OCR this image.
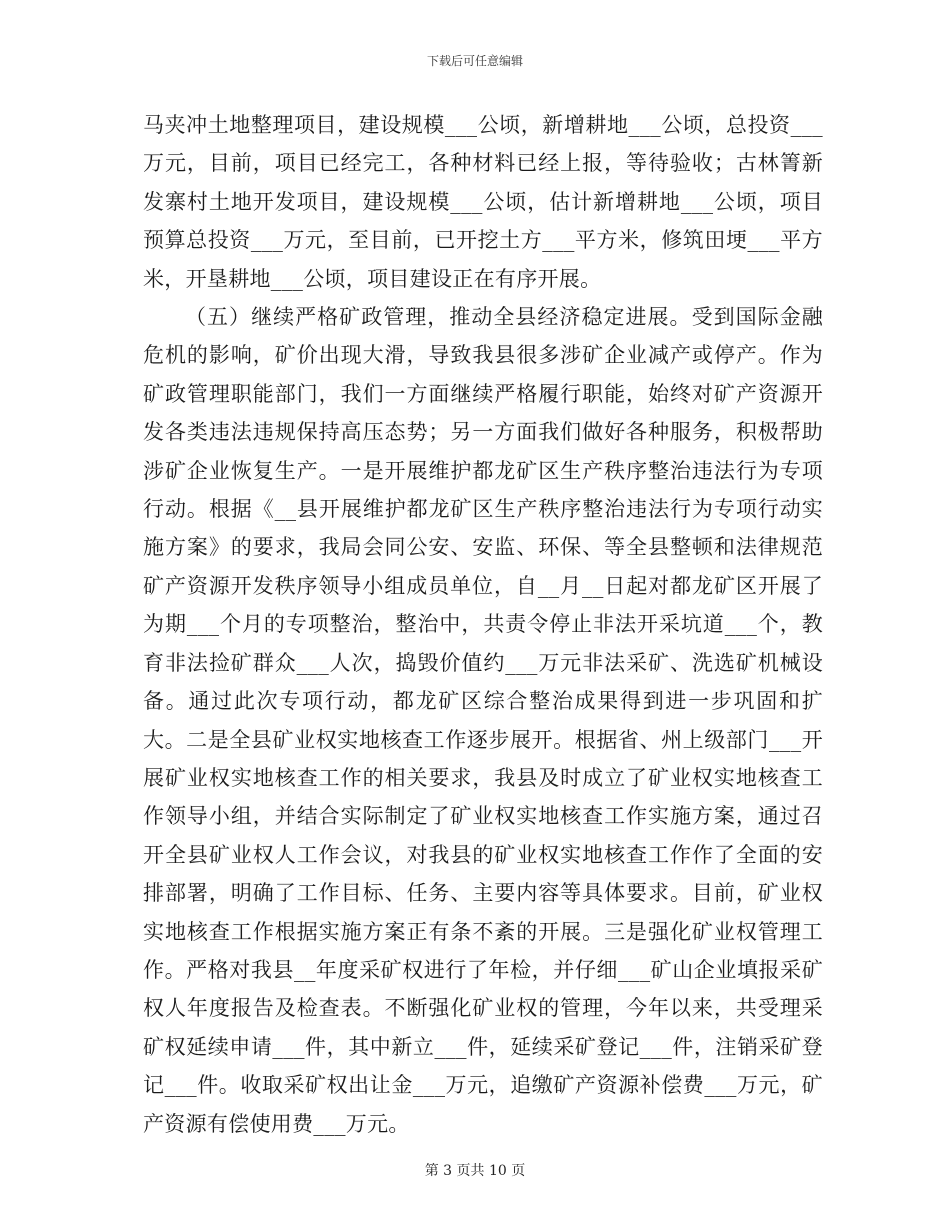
下载后可任意编辑

马夹冲土地整理项目，建设规模___公顷，新增耕地___公顷，总投资___万元，目前，项目已经完工，各种材料已经上报，等待验收；古林箐新发寨村土地开发项目，建设规模___公顷，估计新增耕地___公顷，项目预算总投资___万元，至目前，已开挖土方___平方米，修筑田埂___平方米，开垦耕地___公顷，项目建设正在有序开展。

（五）继续严格矿政管理，推动全县经济稳定进展。受到国际金融危机的影响，矿价出现大滑，导致我县很多涉矿企业减产或停产。作为矿政管理职能部门，我们一方面继续严格履行职能，始终对矿产资源开发各类违法违规保持高压态势；另一方面我们做好各种服务，积极帮助涉矿企业恢复生产。一是开展维护都龙矿区生产秩序整治违法行为专项行动。根据《__县开展维护都龙矿区生产秩序整治违法行为专项行动实施方案》的要求，我局会同公安、安监、环保、等全县整顿和法律规范矿产资源开发秩序领导小组成员单位，自__月__日起对都龙矿区开展了为期___个月的专项整治，整治中，共责令停止非法开采坑道___个，教育非法捡矿群众___人次，捣毁价值约___万元非法采矿、洗选矿机械设备。通过此次专项行动，都龙矿区综合整治成果得到进一步巩固和扩大。二是全县矿业权实地核查工作逐步展开。根据省、州上级部门___开展矿业权实地核查工作的相关要求，我县及时成立了矿业权实地核查工作领导小组，并结合实际制定了矿业权实地核查工作实施方案，通过召开全县矿业权人工作会议，对我县的矿业权实地核查工作作了全面的安排部署，明确了工作目标、任务、主要内容等具体要求。目前，矿业权实地核查工作根据实施方案正有条不紊的开展。三是强化矿业权管理工作。严格对我县__年度采矿权进行了年检，并仔细___矿山企业填报采矿权人年度报告及检查表。不断强化矿业权的管理，今年以来，共受理采矿权延续申请___件，其中新立___件，延续采矿登记___件，注销采矿登记___件。收取采矿权出让金___万元，追缴矿产资源补偿费___万元，矿产资源有偿使用费___万元。

第 3 页共 10 页
